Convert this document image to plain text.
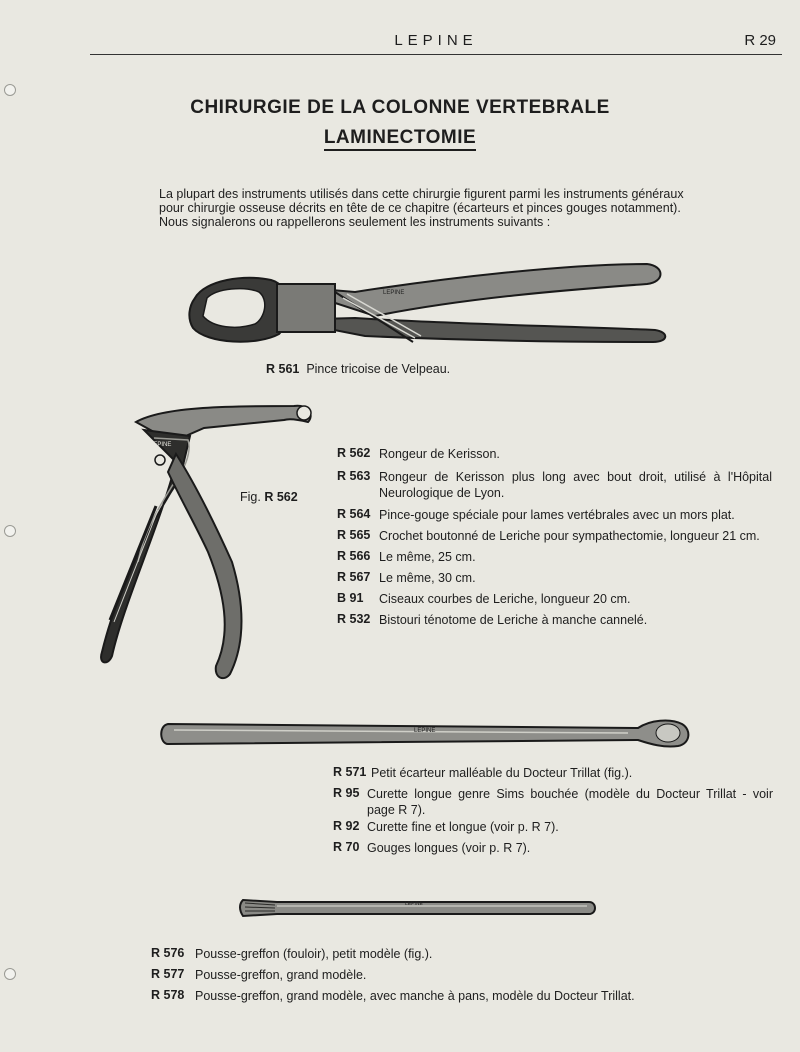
LEPINE	R 29
CHIRURGIE DE LA COLONNE VERTEBRALE
LAMINECTOMIE
La plupart des instruments utilisés dans cette chirurgie figurent parmi les instruments généraux
pour chirurgie osseuse décrits en tête de ce chapitre (écarteurs et pinces gouges notamment).
Nous signalerons ou rappellerons seulement les instruments suivants :
LEPINE
R 561 Pince tricoise de Velpeau.
LEPINE
Fig. R 562
R 562 Rongeur de Kerisson.
R 563 Rongeur de Kerisson plus long avec bout droit, utilisé à l'Hôpital Neurologique de Lyon.
R 564 Pince-gouge spéciale pour lames vertébrales avec un mors plat.
R 565 Crochet boutonné de Leriche pour sympathectomie, longueur 21 cm.
R 566 Le même, 25 cm.
R 567 Le même, 30 cm.
B 91	Ciseaux courbes de Leriche, longueur 20 cm.
R 532 Bistouri ténotome de Leriche à manche cannelé.
LEPINE
R 571 Petit écarteur malléable du Docteur Trillat (fig.).
R 95 Curette longue genre Sims bouchée (modèle du Docteur Trillat - voir page R 7).
R 92 Curette fine et longue (voir p. R 7).
R 70 Gouges longues (voir p. R 7).
LEPINE
R 576 Pousse-greffon (fouloir), petit modèle (fig.).
R 577 Pousse-greffon, grand modèle.
R 578 Pousse-greffon, grand modèle, avec manche à pans, modèle du Docteur Trillat.
